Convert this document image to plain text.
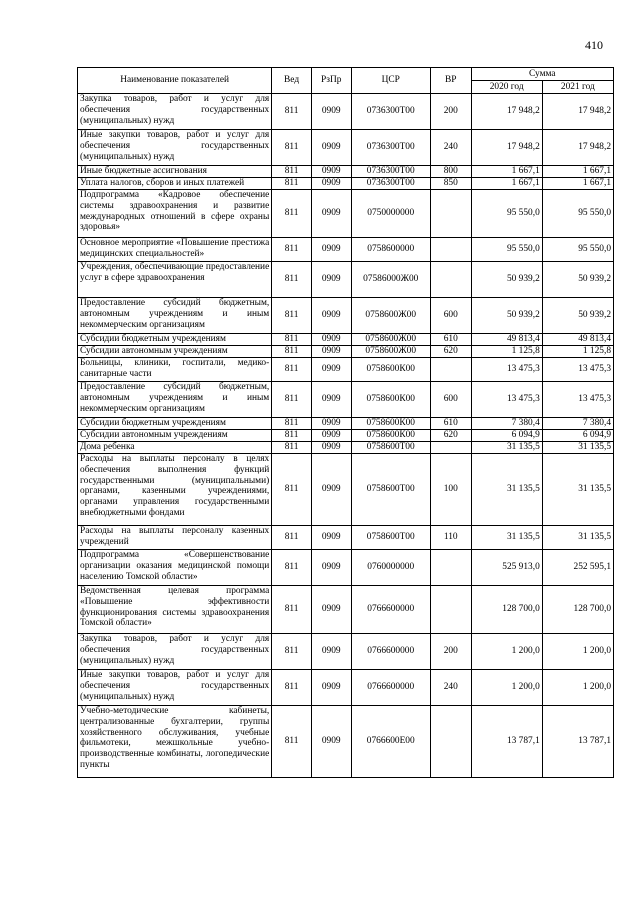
410
Наименование показателей	Вед	РзПр	ЦСР	ВР	Сумма	
					2020 год	2021 год
Закупка товаров, работ и услуг для обеспечения государственных (муниципальных) нужд	811	0909	0736300Т00	200	17 948,2	17 948,2
Иные закупки товаров, работ и услуг для обеспечения государственных (муниципальных) нужд	811	0909	0736300Т00	240	17 948,2	17 948,2
Иные бюджетные ассигнования	811	0909	0736300Т00	800	1 667,1	1 667,1
Уплата налогов, сборов и иных платежей	811	0909	0736300Т00	850	1 667,1	1 667,1
Подпрограмма «Кадровое обеспечение системы здравоохранения и развитие международных отношений в сфере охраны здоровья»	811	0909	0750000000		95 550,0	95 550,0
Основное мероприятие «Повышение престижа медицинских специальностей»	811	0909	0758600000		95 550,0	95 550,0
Учреждения, обеспечивающие предоставление услуг в сфере здравоохранения	811	0909	07586000Ж00		50 939,2	50 939,2
Предоставление субсидий бюджетным, автономным учреждениям и иным некоммерческим организациям	811	0909	0758600Ж00	600	50 939,2	50 939,2
Субсидии бюджетным учреждениям	811	0909	0758600Ж00	610	49 813,4	49 813,4
Субсидии автономным учреждениям	811	0909	0758600Ж00	620	1 125,8	1 125,8
Больницы, клиники, госпитали, медико-санитарные части	811	0909	0758600К00		13 475,3	13 475,3
Предоставление субсидий бюджетным, автономным учреждениям и иным некоммерческим организациям	811	0909	0758600К00	600	13 475,3	13 475,3
Субсидии бюджетным учреждениям	811	0909	0758600К00	610	7 380,4	7 380,4
Субсидии автономным учреждениям	811	0909	0758600К00	620	6 094,9	6 094,9
Дома ребенка	811	0909	0758600Т00		31 135,5	31 135,5
Расходы на выплаты персоналу в целях обеспечения выполнения функций государственными (муниципальными) органами, казенными учреждениями, органами управления государственными внебюджетными фондами	811	0909	0758600Т00	100	31 135,5	31 135,5
Расходы на выплаты персоналу казенных учреждений	811	0909	0758600Т00	110	31 135,5	31 135,5
Подпрограмма «Совершенствование организации оказания медицинской помощи населению Томской области»	811	0909	0760000000		525 913,0	252 595,1
Ведомственная целевая программа «Повышение эффективности функционирования системы здравоохранения Томской области»	811	0909	0766600000		128 700,0	128 700,0
Закупка товаров, работ и услуг для обеспечения государственных (муниципальных) нужд	811	0909	0766600000	200	1 200,0	1 200,0
Иные закупки товаров, работ и услуг для обеспечения государственных (муниципальных) нужд	811	0909	0766600000	240	1 200,0	1 200,0
Учебно-методические кабинеты, централизованные бухгалтерии, группы хозяйственного обслуживания, учебные фильмотеки, межшкольные учебно-производственные комбинаты, логопедические пункты	811	0909	0766600Е00		13 787,1	13 787,1
